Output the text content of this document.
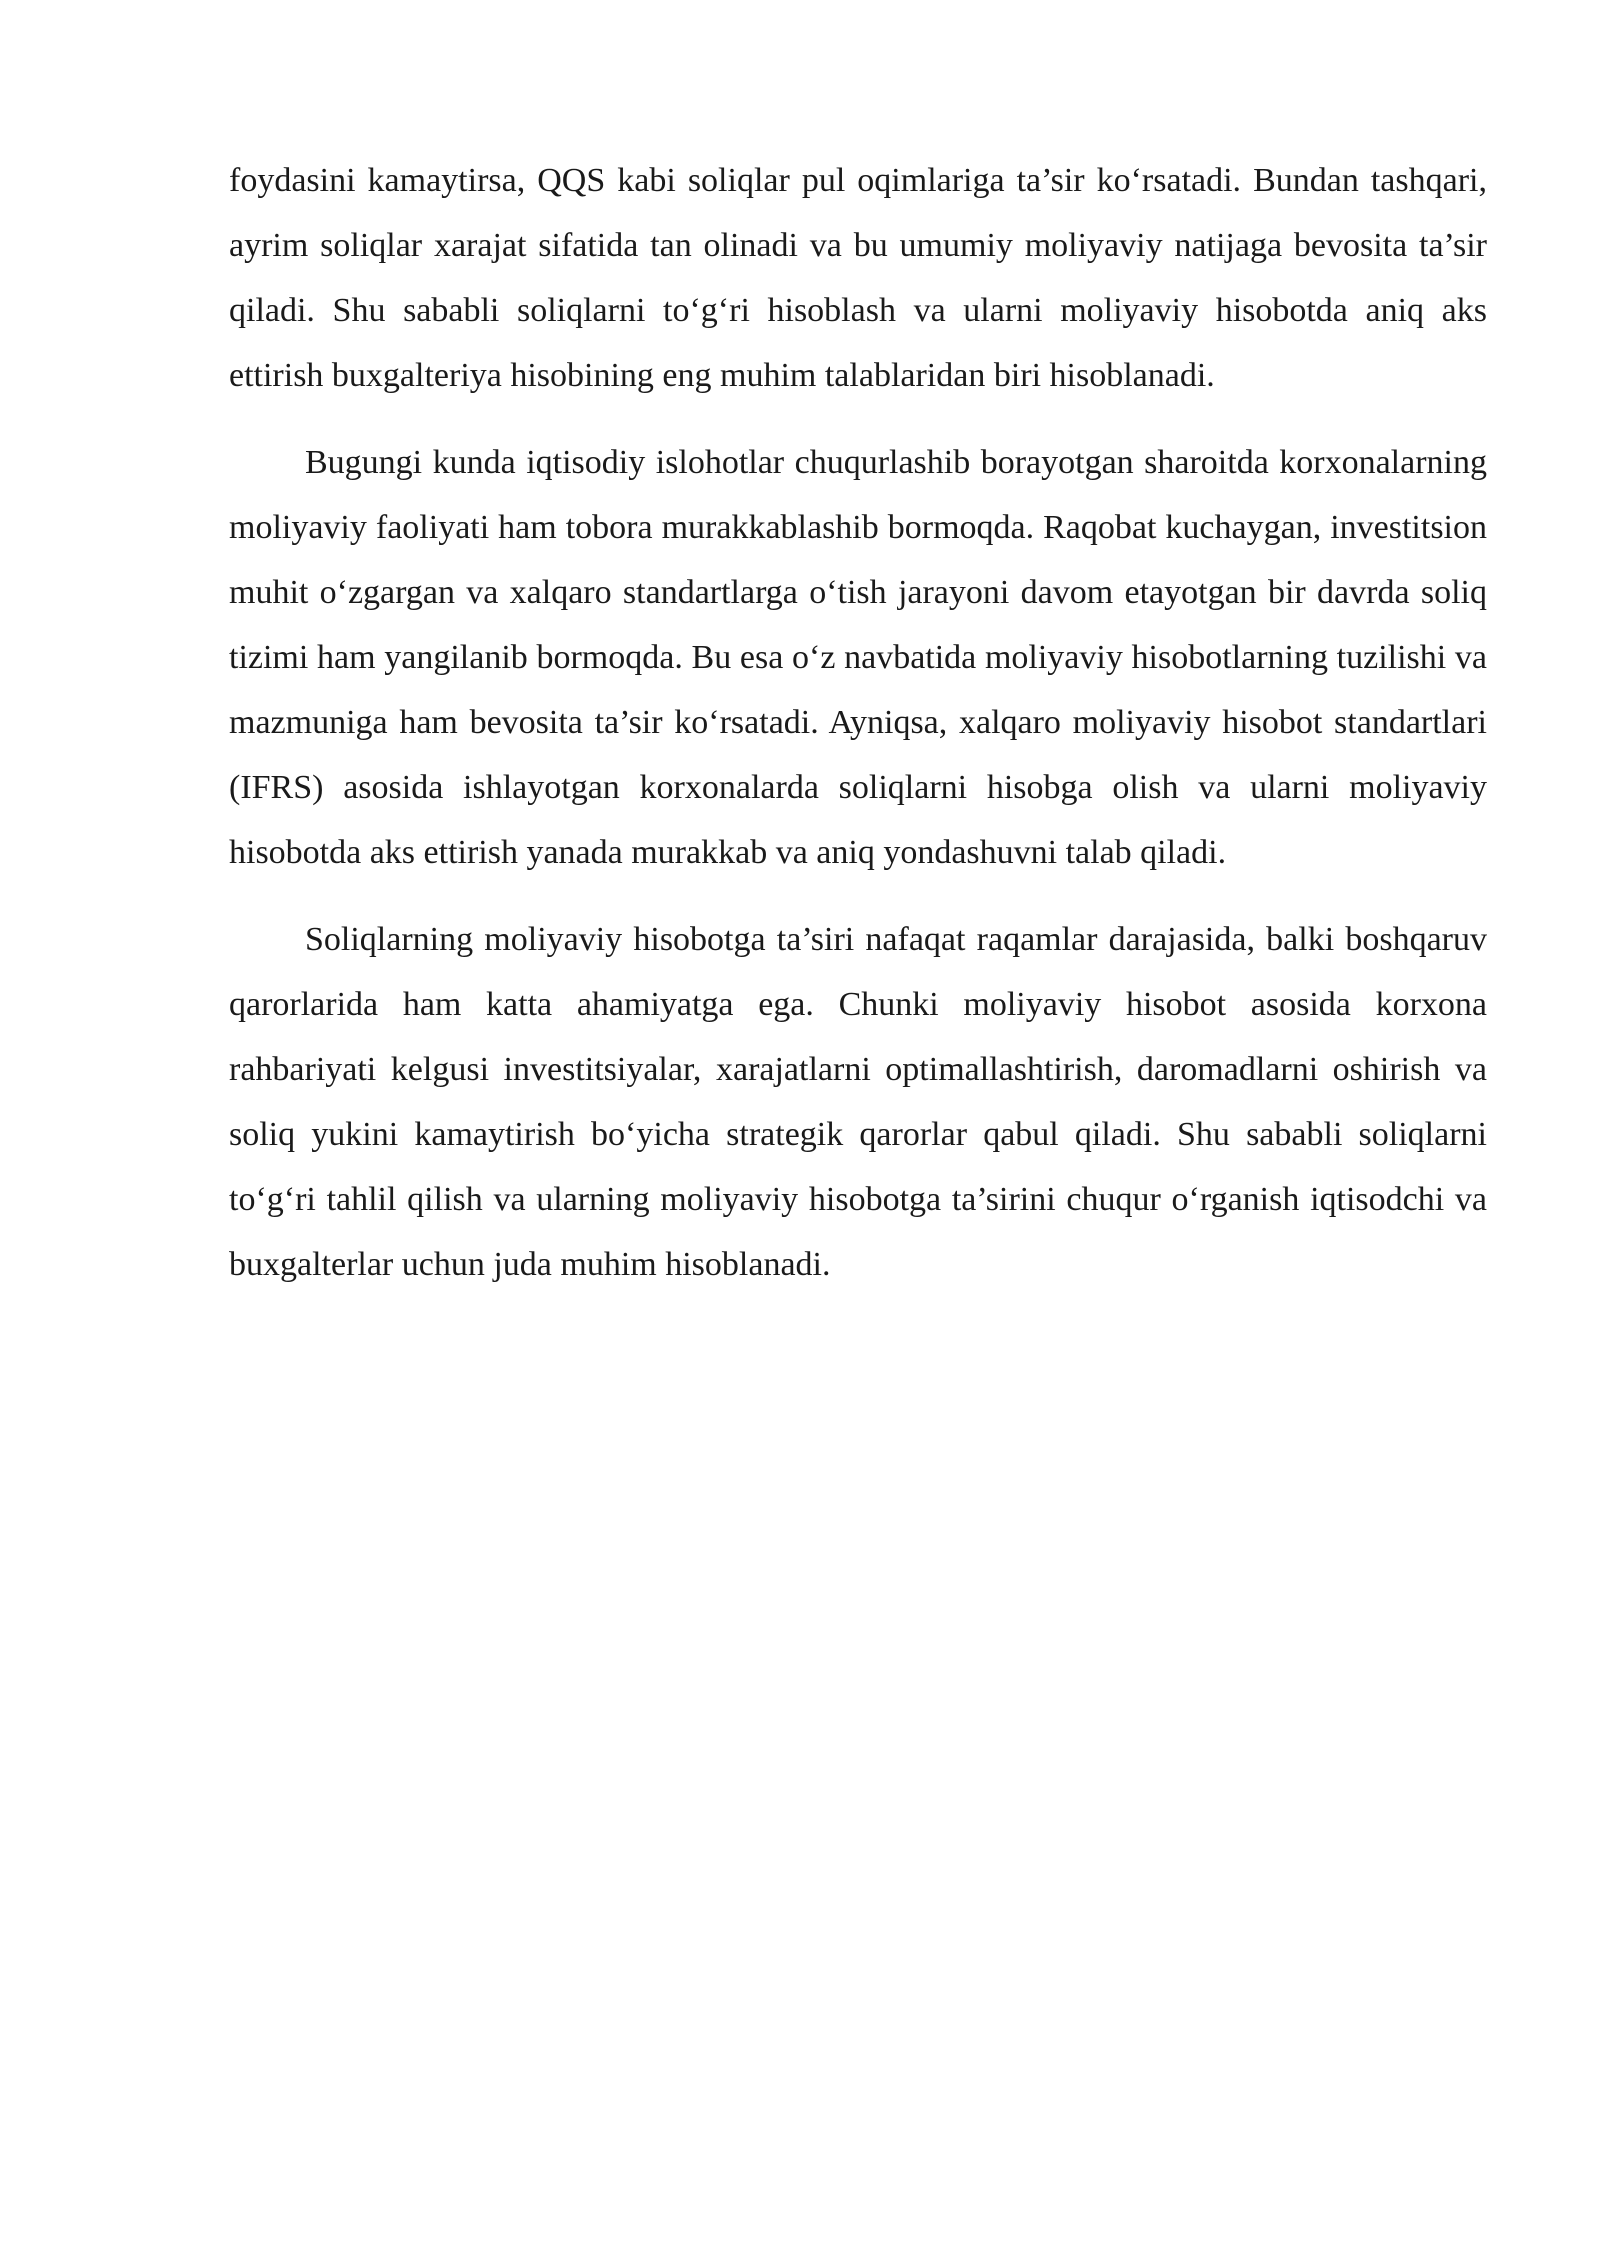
foydasini kamaytirsa, QQS kabi soliqlar pul oqimlariga ta’sir ko‘rsatadi. Bundan tashqari, ayrim soliqlar xarajat sifatida tan olinadi va bu umumiy moliyaviy natijaga bevosita ta’sir qiladi. Shu sababli soliqlarni to‘g‘ri hisoblash va ularni moliyaviy hisobotda aniq aks ettirish buxgalteriya hisobining eng muhim talablaridan biri hisoblanadi.

Bugungi kunda iqtisodiy islohotlar chuqurlashib borayotgan sharoitda korxonalarning moliyaviy faoliyati ham tobora murakkablashib bormoqda. Raqobat kuchaygan, investitsion muhit o‘zgargan va xalqaro standartlarga o‘tish jarayoni davom etayotgan bir davrda soliq tizimi ham yangilanib bormoqda. Bu esa o‘z navbatida moliyaviy hisobotlarning tuzilishi va mazmuniga ham bevosita ta’sir ko‘rsatadi. Ayniqsa, xalqaro moliyaviy hisobot standartlari (IFRS) asosida ishlayotgan korxonalarda soliqlarni hisobga olish va ularni moliyaviy hisobotda aks ettirish yanada murakkab va aniq yondashuvni talab qiladi.

Soliqlarning moliyaviy hisobotga ta’siri nafaqat raqamlar darajasida, balki boshqaruv qarorlarida ham katta ahamiyatga ega. Chunki moliyaviy hisobot asosida korxona rahbariyati kelgusi investitsiyalar, xarajatlarni optimallashtirish, daromadlarni oshirish va soliq yukini kamaytirish bo‘yicha strategik qarorlar qabul qiladi. Shu sababli soliqlarni to‘g‘ri tahlil qilish va ularning moliyaviy hisobotga ta’sirini chuqur o‘rganish iqtisodchi va buxgalterlar uchun juda muhim hisoblanadi.
